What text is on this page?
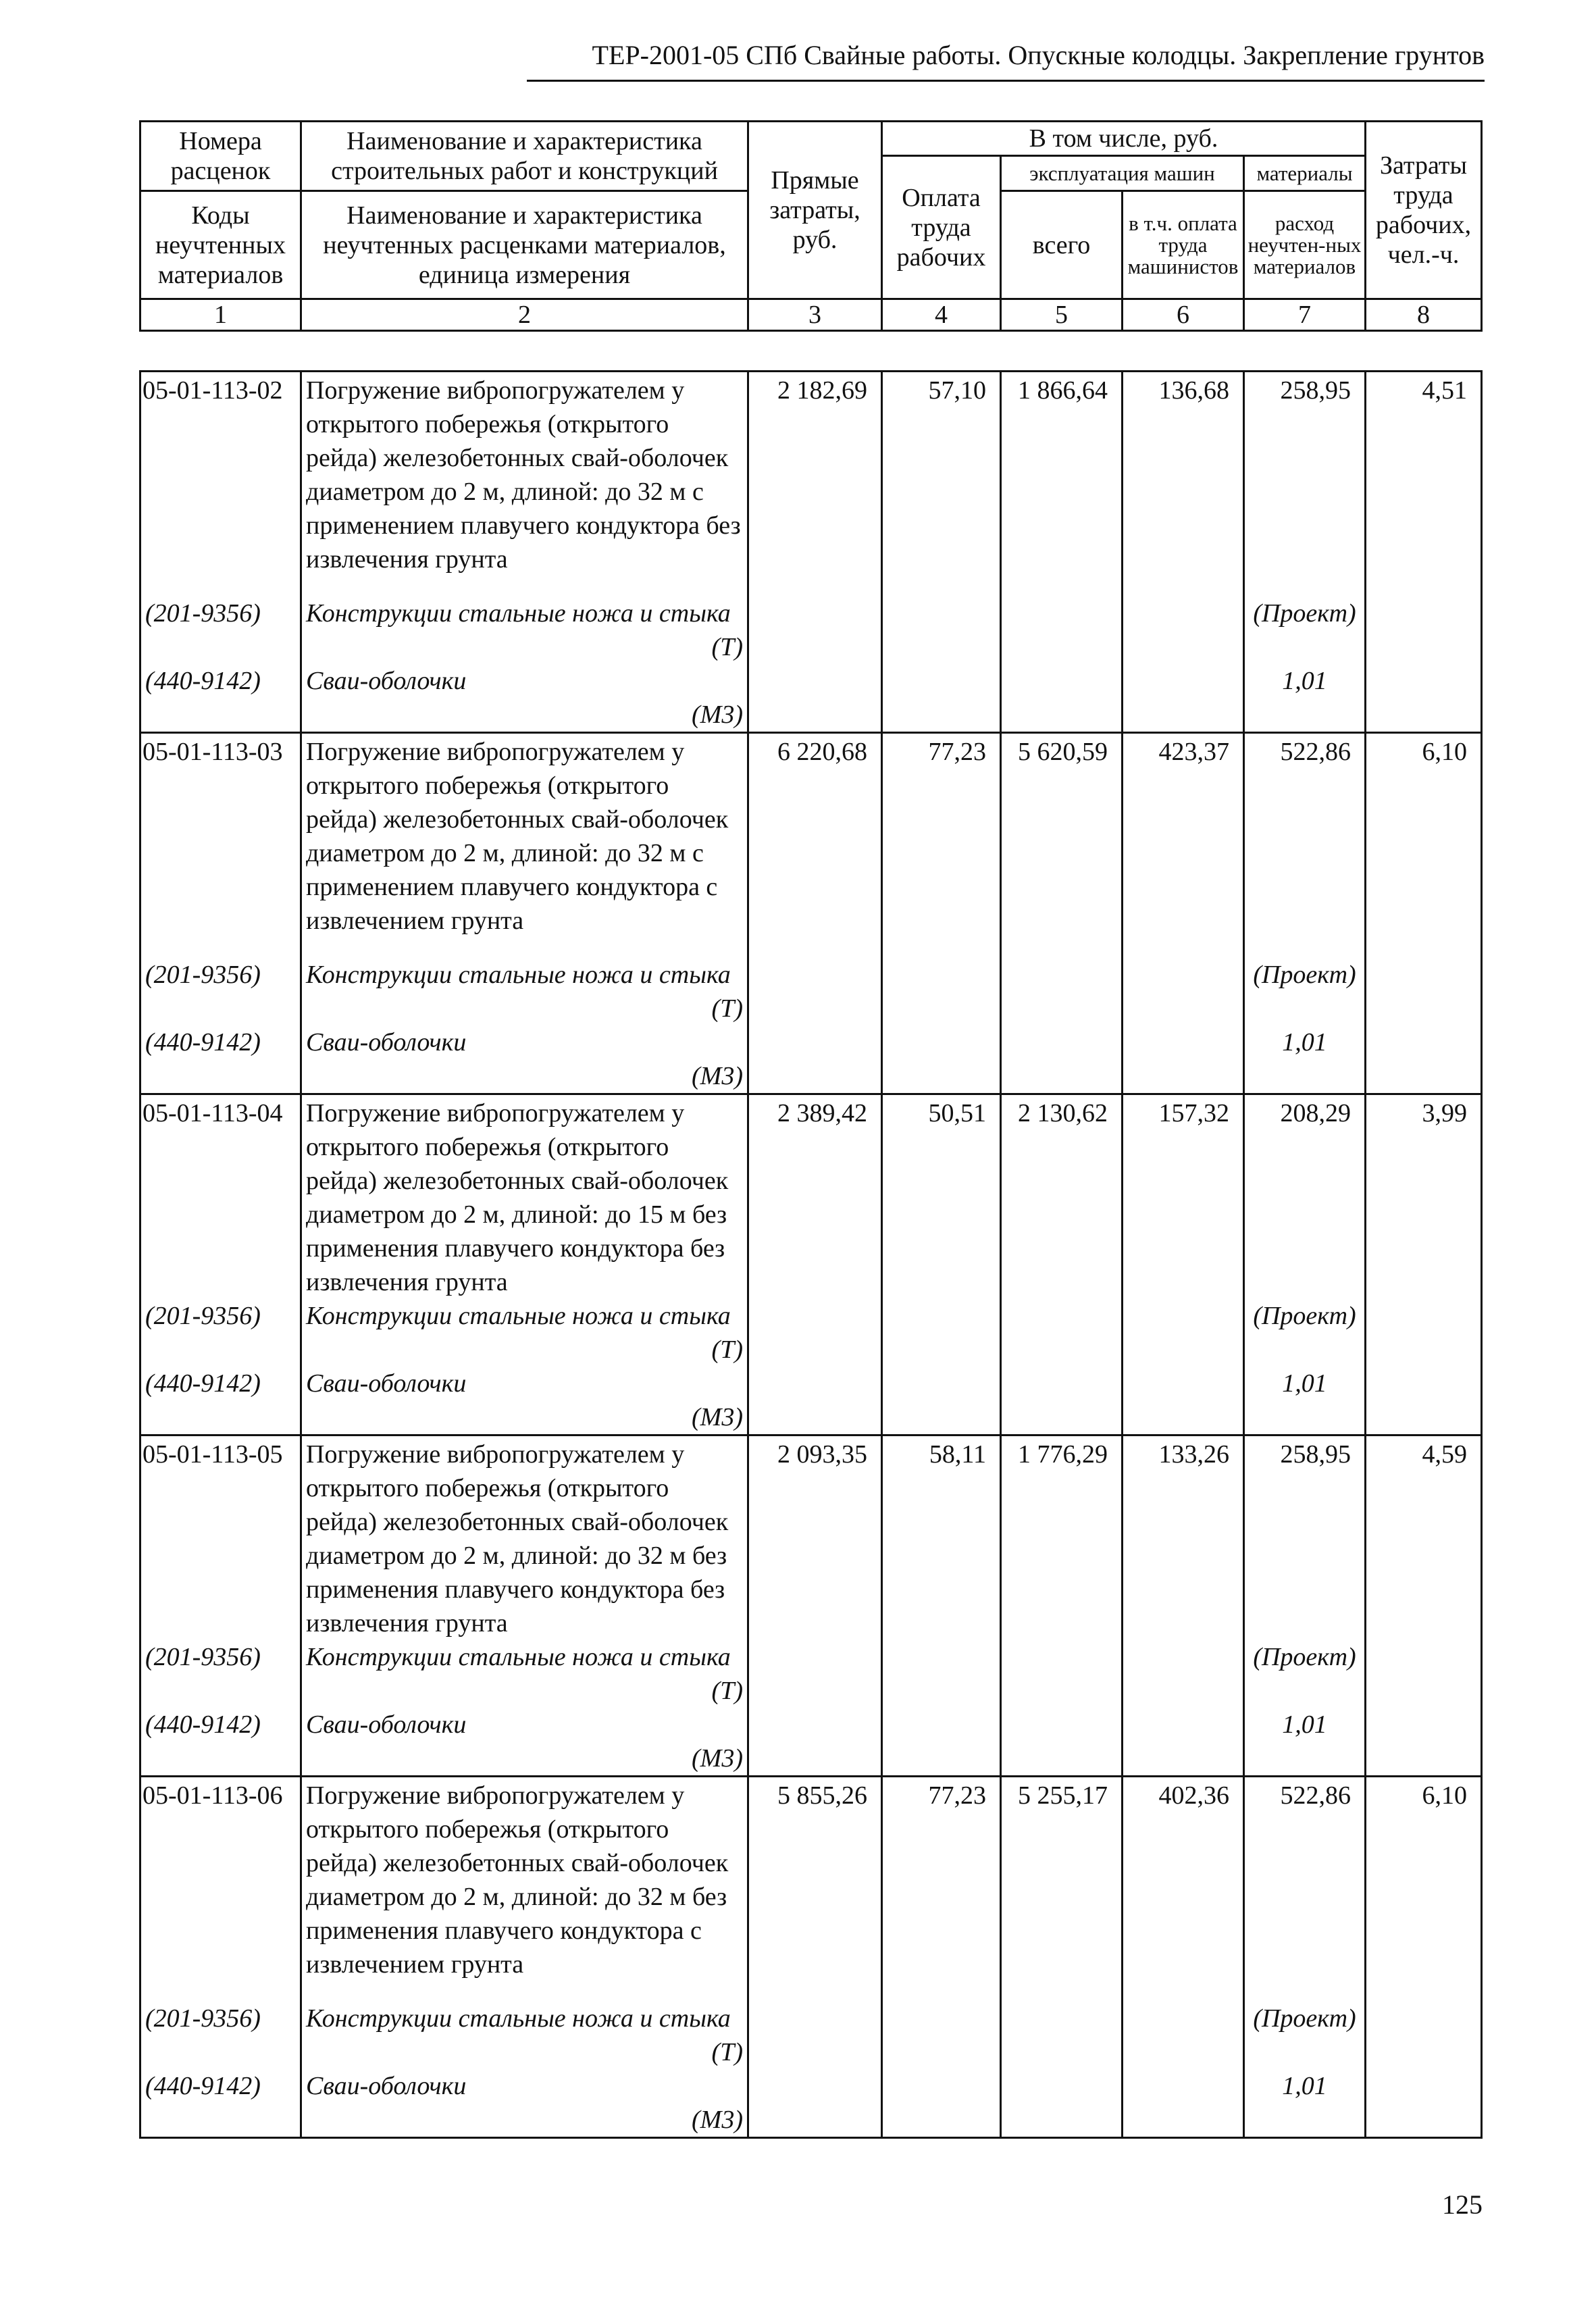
ТЕР-2001-05 СПб Свайные работы. Опускные колодцы. Закрепление грунтов
Номера расценок	Наименование и характеристика строительных работ и конструкций	Прямые затраты, руб.	В том числе, руб.				Затраты труда рабочих, чел.-ч.
			Оплата труда рабочих	эксплуатация машин		материалы	
Коды неучтенных материалов	Наименование и характеристика неучтенных расценками материалов, единица измерения			всего	в т.ч. оплата труда машинистов	расход неучтен-ных материалов	

1	2	3	4	5	6	7	8
05-01-113-02	Погружение вибропогружателем у открытого побережья (открытого рейда) железобетонных свай-оболочек диаметром до 2 м, длиной: до 32 м с применением плавучего кондуктора без извлечения грунта	2 182,69	57,10	1 866,64	136,68	258,95	4,51
(201-9356)	Конструкции стальные ножа и стыка					(Проект)	
	(Т)						
(440-9142)	Сваи-оболочки					1,01	
	(М3)						
05-01-113-03	Погружение вибропогружателем у открытого побережья (открытого рейда) железобетонных свай-оболочек диаметром до 2 м, длиной: до 32 м с применением плавучего кондуктора с извлечением грунта	6 220,68	77,23	5 620,59	423,37	522,86	6,10
(201-9356)	Конструкции стальные ножа и стыка					(Проект)	
	(Т)						
(440-9142)	Сваи-оболочки					1,01	
	(М3)						
05-01-113-04	Погружение вибропогружателем у открытого побережья (открытого рейда) железобетонных свай-оболочек диаметром до 2 м, длиной: до 15 м без применения плавучего кондуктора без извлечения грунта	2 389,42	50,51	2 130,62	157,32	208,29	3,99
(201-9356)	Конструкции стальные ножа и стыка					(Проект)	
	(Т)						
(440-9142)	Сваи-оболочки					1,01	
	(М3)						
05-01-113-05	Погружение вибропогружателем у открытого побережья (открытого рейда) железобетонных свай-оболочек диаметром до 2 м, длиной: до 32 м без применения плавучего кондуктора без извлечения грунта	2 093,35	58,11	1 776,29	133,26	258,95	4,59
(201-9356)	Конструкции стальные ножа и стыка					(Проект)	
	(Т)						
(440-9142)	Сваи-оболочки					1,01	
	(М3)						
05-01-113-06	Погружение вибропогружателем у открытого побережья (открытого рейда) железобетонных свай-оболочек диаметром до 2 м, длиной: до 32 м без применения плавучего кондуктора с извлечением грунта	5 855,26	77,23	5 255,17	402,36	522,86	6,10
(201-9356)	Конструкции стальные ножа и стыка					(Проект)	
	(Т)						
(440-9142)	Сваи-оболочки					1,01	
	(М3)						
125
